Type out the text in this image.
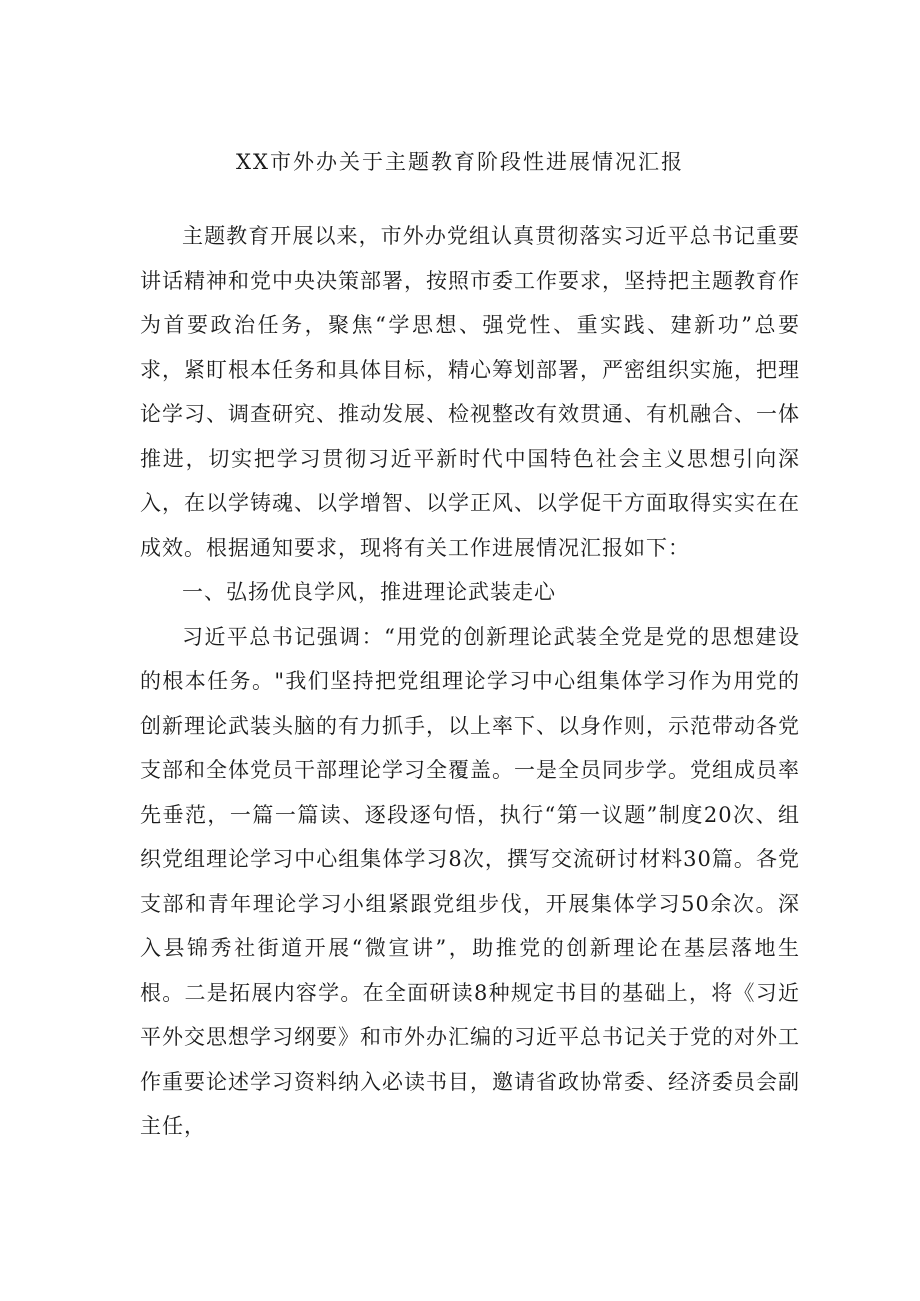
XX市外办关于主题教育阶段性进展情况汇报

主题教育开展以来，市外办党组认真贯彻落实习近平总书记重要讲话精神和党中央决策部署，按照市委工作要求，坚持把主题教育作为首要政治任务，聚焦“学思想、强党性、重实践、建新功”总要求，紧盯根本任务和具体目标，精心筹划部署，严密组织实施，把理论学习、调查研究、推动发展、检视整改有效贯通、有机融合、一体推进，切实把学习贯彻习近平新时代中国特色社会主义思想引向深入，在以学铸魂、以学增智、以学正风、以学促干方面取得实实在在成效。根据通知要求，现将有关工作进展情况汇报如下：

一、弘扬优良学风，推进理论武装走心

习近平总书记强调：“用党的创新理论武装全党是党的思想建设的根本任务。"我们坚持把党组理论学习中心组集体学习作为用党的创新理论武装头脑的有力抓手，以上率下、以身作则，示范带动各党支部和全体党员干部理论学习全覆盖。一是全员同步学。党组成员率先垂范，一篇一篇读、逐段逐句悟，执行“第一议题”制度20次、组织党组理论学习中心组集体学习8次，撰写交流研讨材料30篇。各党支部和青年理论学习小组紧跟党组步伐，开展集体学习50余次。深入县锦秀社街道开展“微宣讲”，助推党的创新理论在基层落地生根。二是拓展内容学。在全面研读8种规定书目的基础上，将《习近平外交思想学习纲要》和市外办汇编的习近平总书记关于党的对外工作重要论述学习资料纳入必读书目，邀请省政协常委、经济委员会副主任，
